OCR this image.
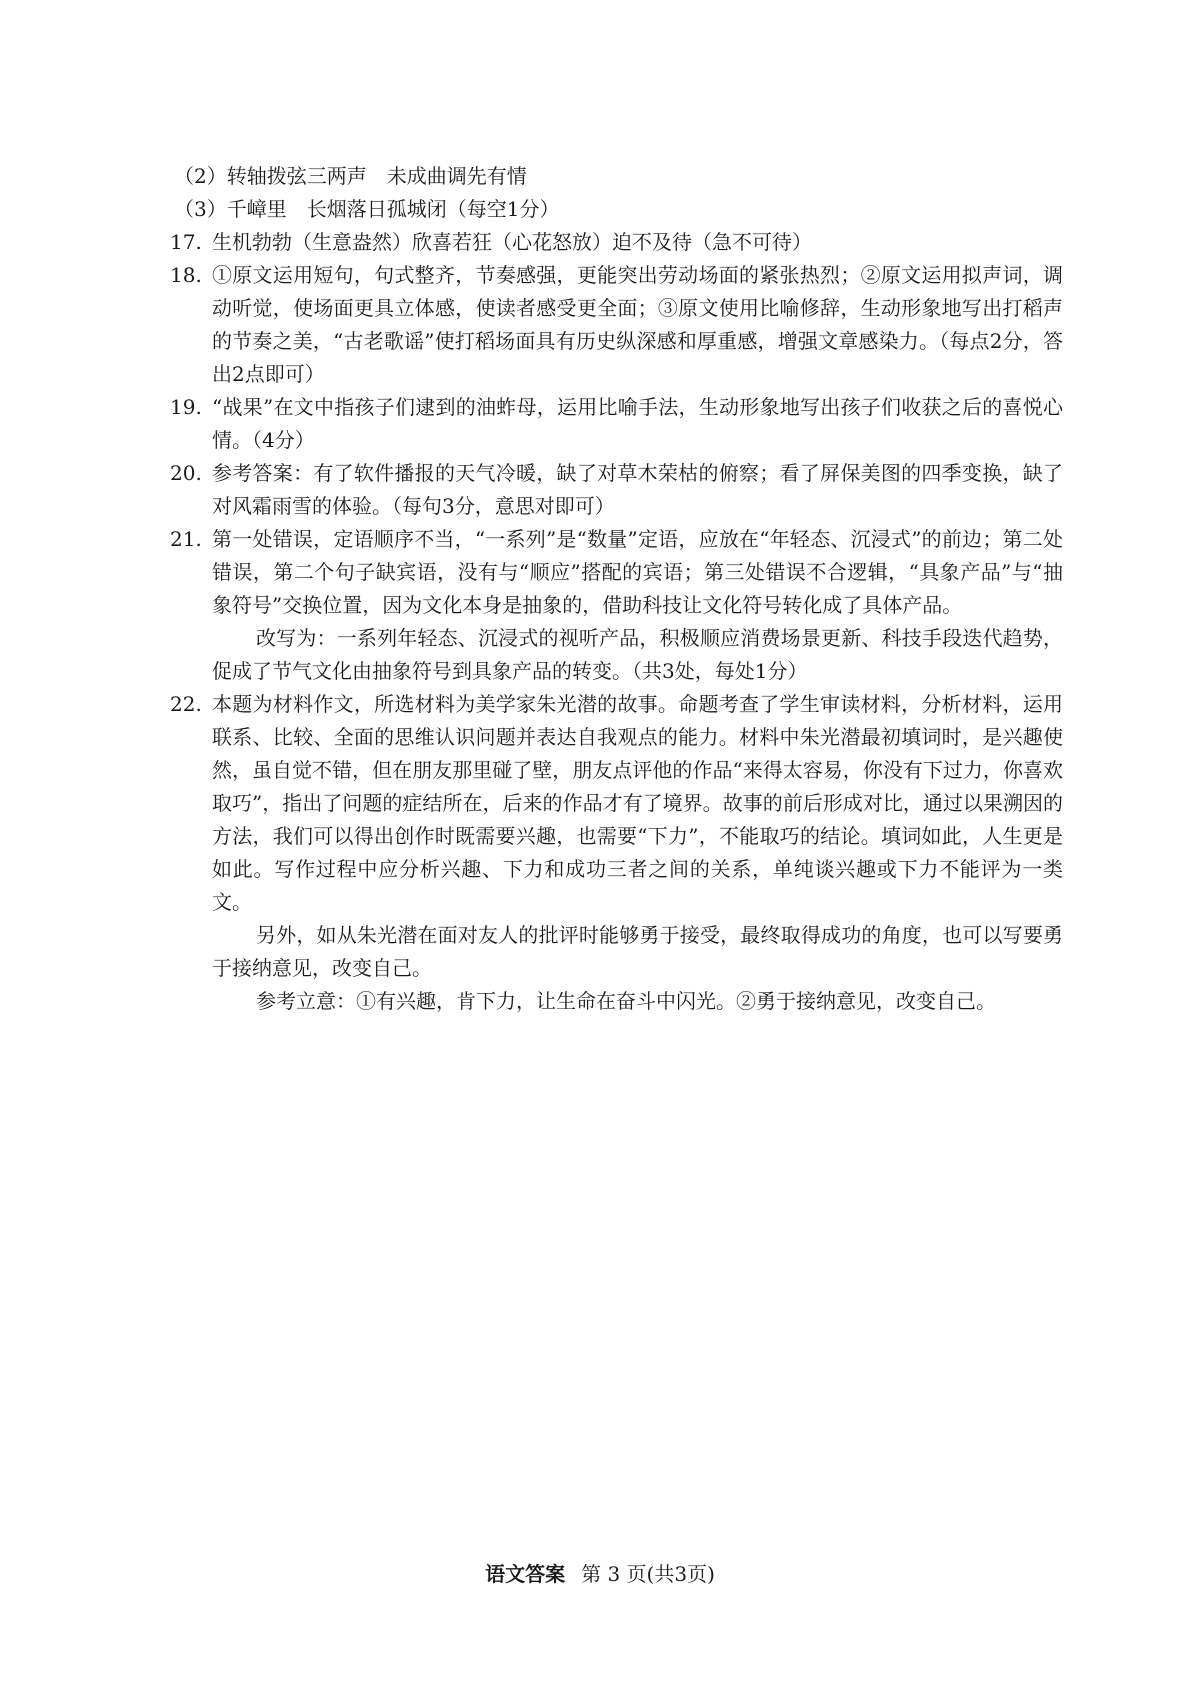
（2）转轴拨弦三两声　未成曲调先有情

（3）千嶂里　长烟落日孤城闭（每空1分）

17. 生机勃勃（生意盎然）欣喜若狂（心花怒放）迫不及待（急不可待）

18. ①原文运用短句，句式整齐，节奏感强，更能突出劳动场面的紧张热烈；②原文运用拟声词，调动听觉，使场面更具立体感，使读者感受更全面；③原文使用比喻修辞，生动形象地写出打稻声的节奏之美，“古老歌谣”使打稻场面具有历史纵深感和厚重感，增强文章感染力。（每点2分，答出2点即可）

19. “战果”在文中指孩子们逮到的油蚱母，运用比喻手法，生动形象地写出孩子们收获之后的喜悦心情。（4分）

20. 参考答案：有了软件播报的天气冷暖，缺了对草木荣枯的俯察；看了屏保美图的四季变换，缺了对风霜雨雪的体验。（每句3分，意思对即可）

21. 第一处错误，定语顺序不当，“一系列”是“数量”定语，应放在“年轻态、沉浸式”的前边；第二处错误，第二个句子缺宾语，没有与“顺应”搭配的宾语；第三处错误不合逻辑，“具象产品”与“抽象符号”交换位置，因为文化本身是抽象的，借助科技让文化符号转化成了具体产品。

改写为：一系列年轻态、沉浸式的视听产品，积极顺应消费场景更新、科技手段迭代趋势，促成了节气文化由抽象符号到具象产品的转变。（共3处，每处1分）

22. 本题为材料作文，所选材料为美学家朱光潜的故事。命题考查了学生审读材料，分析材料，运用联系、比较、全面的思维认识问题并表达自我观点的能力。材料中朱光潜最初填词时，是兴趣使然，虽自觉不错，但在朋友那里碰了壁，朋友点评他的作品“来得太容易，你没有下过力，你喜欢取巧”，指出了问题的症结所在，后来的作品才有了境界。故事的前后形成对比，通过以果溯因的方法，我们可以得出创作时既需要兴趣，也需要“下力”，不能取巧的结论。填词如此，人生更是如此。写作过程中应分析兴趣、下力和成功三者之间的关系，单纯谈兴趣或下力不能评为一类文。

另外，如从朱光潜在面对友人的批评时能够勇于接受，最终取得成功的角度，也可以写要勇于接纳意见，改变自己。

参考立意：①有兴趣，肯下力，让生命在奋斗中闪光。②勇于接纳意见，改变自己。

语文答案 第 3 页(共3页)
